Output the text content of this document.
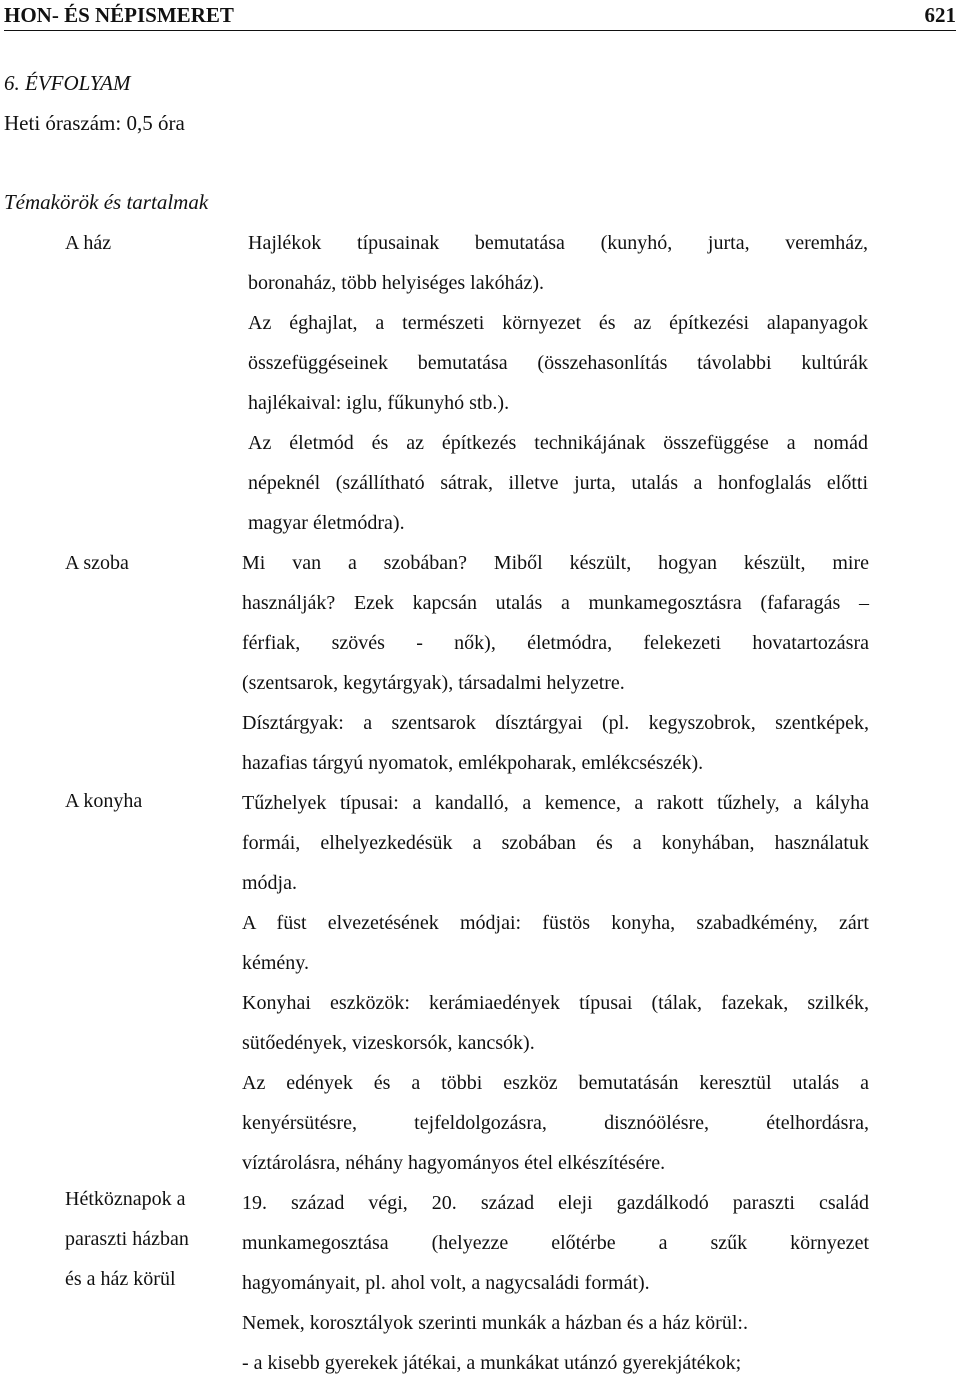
HON- ÉS NÉPISMERET	621
6. ÉVFOLYAM
Heti óraszám: 0,5 óra
Témakörök és tartalmak
A ház
A szoba
A konyha
Hétköznapok a
paraszti házban
és a ház körül
Hajlékok típusainak bemutatása (kunyhó, jurta, veremház,
boronaház, több helyiséges lakóház).
Az éghajlat, a természeti környezet és az építkezési alapanyagok
összefüggéseinek bemutatása (összehasonlítás távolabbi kultúrák
hajlékaival: iglu, fűkunyhó stb.).
Az életmód és az építkezés technikájának összefüggése a nomád
népeknél (szállítható sátrak, illetve jurta, utalás a honfoglalás előtti
magyar életmódra).
Mi van a szobában? Miből készült, hogyan készült, mire
használják? Ezek kapcsán utalás a munkamegosztásra (fafaragás –
férfiak, szövés - nők), életmódra, felekezeti hovatartozásra
(szentsarok, kegytárgyak), társadalmi helyzetre.
Dísztárgyak: a szentsarok dísztárgyai (pl. kegyszobrok, szentképek,
hazafias tárgyú nyomatok, emlékpoharak, emlékcsészék).
Tűzhelyek típusai: a kandalló, a kemence, a rakott tűzhely, a kályha
formái, elhelyezkedésük a szobában és a konyhában, használatuk
módja.
A füst elvezetésének módjai: füstös konyha, szabadkémény, zárt
kémény.
Konyhai eszközök: kerámiaedények típusai (tálak, fazekak, szilkék,
sütőedények, vizeskorsók, kancsók).
Az edények és a többi eszköz bemutatásán keresztül utalás a
kenyérsütésre, tejfeldolgozásra, disznóölésre, ételhordásra,
víztárolásra, néhány hagyományos étel elkészítésére.
19. század végi, 20. század eleji gazdálkodó paraszti család
munkamegosztása (helyezze előtérbe a szűk környezet
hagyományait, pl. ahol volt, a nagycsaládi formát).
Nemek, korosztályok szerinti munkák a házban és a ház körül:.
- a kisebb gyerekek játékai, a munkákat utánzó gyerekjátékok;
